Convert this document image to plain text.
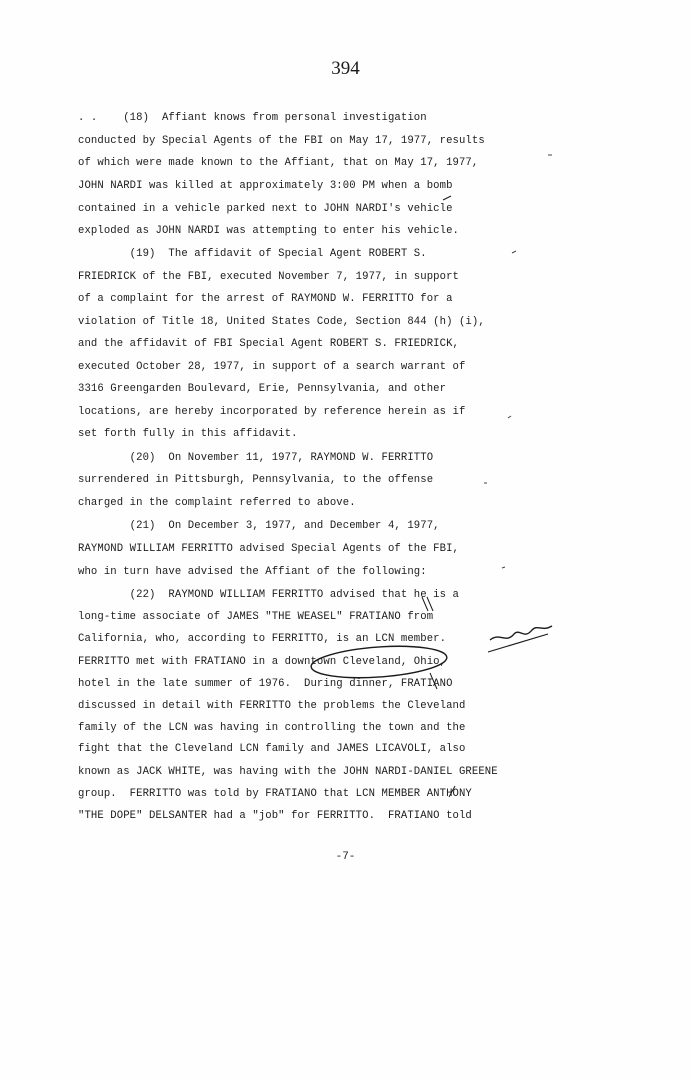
394
. .    (18)  Affiant knows from personal investigation
conducted by Special Agents of the FBI on May 17, 1977, results
of which were made known to the Affiant, that on May 17, 1977,
JOHN NARDI was killed at approximately 3:00 PM when a bomb
contained in a vehicle parked next to JOHN NARDI's vehicle
exploded as JOHN NARDI was attempting to enter his vehicle.
(19)  The affidavit of Special Agent ROBERT S.
FRIEDRICK of the FBI, executed November 7, 1977, in support
of a complaint for the arrest of RAYMOND W. FERRITTO for a
violation of Title 18, United States Code, Section 844 (h) (i),
and the affidavit of FBI Special Agent ROBERT S. FRIEDRICK,
executed October 28, 1977, in support of a search warrant of
3316 Greengarden Boulevard, Erie, Pennsylvania, and other
locations, are hereby incorporated by reference herein as if
set forth fully in this affidavit.
(20)  On November 11, 1977, RAYMOND W. FERRITTO
surrendered in Pittsburgh, Pennsylvania, to the offense
charged in the complaint referred to above.
(21)  On December 3, 1977, and December 4, 1977,
RAYMOND WILLIAM FERRITTO advised Special Agents of the FBI,
who in turn have advised the Affiant of the following:
(22)  RAYMOND WILLIAM FERRITTO advised that he is a
long-time associate of JAMES "THE WEASEL" FRATIANO from
California, who, according to FERRITTO, is an LCN member.
FERRITTO met with FRATIANO in a downtown Cleveland, Ohio,
hotel in the late summer of 1976.  During dinner, FRATIANO
discussed in detail with FERRITTO the problems the Cleveland
family of the LCN was having in controlling the town and the
fight that the Cleveland LCN family and JAMES LICAVOLI, also
known as JACK WHITE, was having with the JOHN NARDI-DANIEL GREENE
group.  FERRITTO was told by FRATIANO that LCN MEMBER ANTHONY
"THE DOPE" DELSANTER had a "job" for FERRITTO.  FRATIANO told
-7-
